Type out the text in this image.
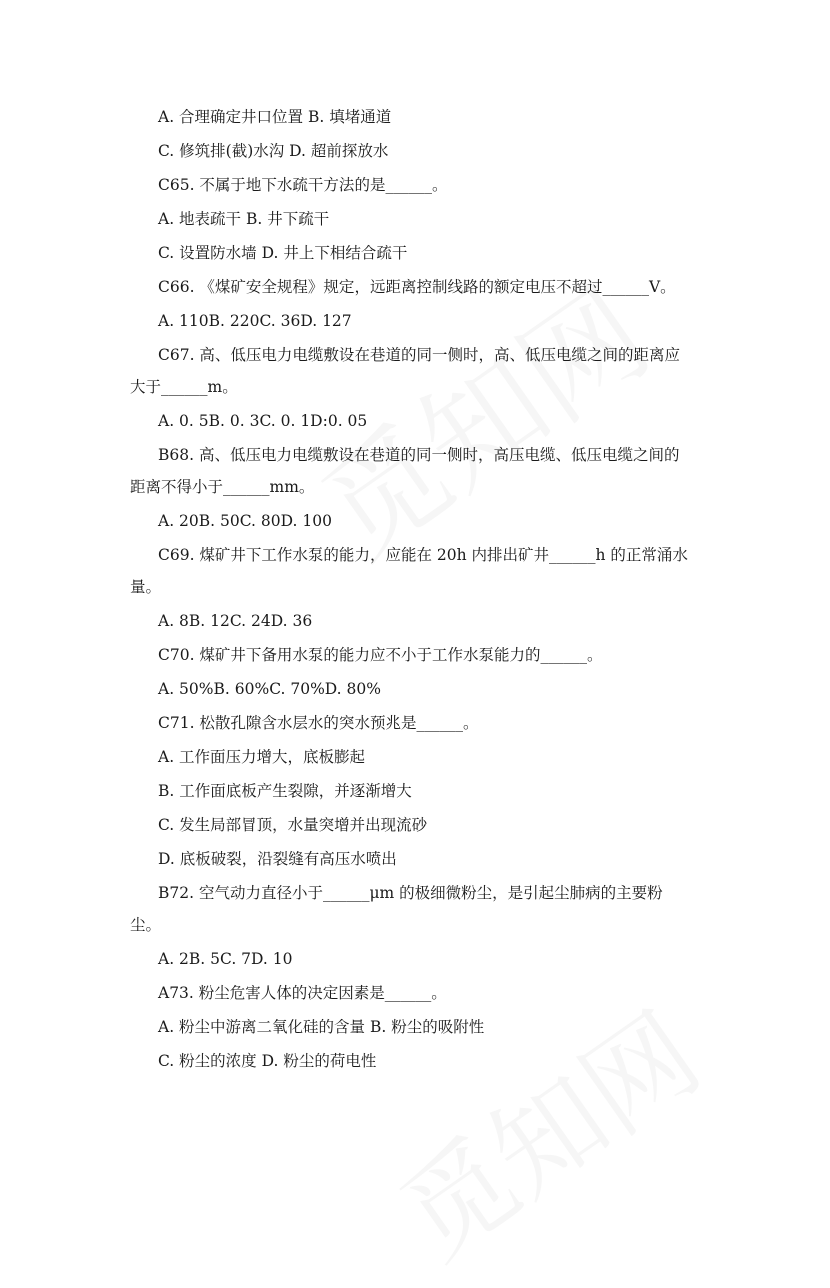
A. 合理确定井口位置 B. 填堵通道
C. 修筑排(截)水沟 D. 超前探放水
C65. 不属于地下水疏干方法的是______。
A. 地表疏干 B. 井下疏干
C. 设置防水墙 D. 井上下相结合疏干
C66. 《煤矿安全规程》规定，远距离控制线路的额定电压不超过______V。
A. 110B. 220C. 36D. 127
C67. 高、低压电力电缆敷设在巷道的同一侧时，高、低压电缆之间的距离应
大于______m。
A. 0. 5B. 0. 3C. 0. 1D:0. 05
B68. 高、低压电力电缆敷设在巷道的同一侧时，高压电缆、低压电缆之间的
距离不得小于______mm。
A. 20B. 50C. 80D. 100
C69. 煤矿井下工作水泵的能力，应能在 20h 内排出矿井______h 的正常涌水
量。
A. 8B. 12C. 24D. 36
C70. 煤矿井下备用水泵的能力应不小于工作水泵能力的______。
A. 50%B. 60%C. 70%D. 80%
C71. 松散孔隙含水层水的突水预兆是______。
A. 工作面压力增大，底板膨起
B. 工作面底板产生裂隙，并逐渐增大
C. 发生局部冒顶，水量突增并出现流砂
D. 底板破裂，沿裂缝有高压水喷出
B72. 空气动力直径小于______μm 的极细微粉尘，是引起尘肺病的主要粉
尘。
A. 2B. 5C. 7D. 10
A73. 粉尘危害人体的决定因素是______。
A. 粉尘中游离二氧化硅的含量 B. 粉尘的吸附性
C. 粉尘的浓度 D. 粉尘的荷电性
